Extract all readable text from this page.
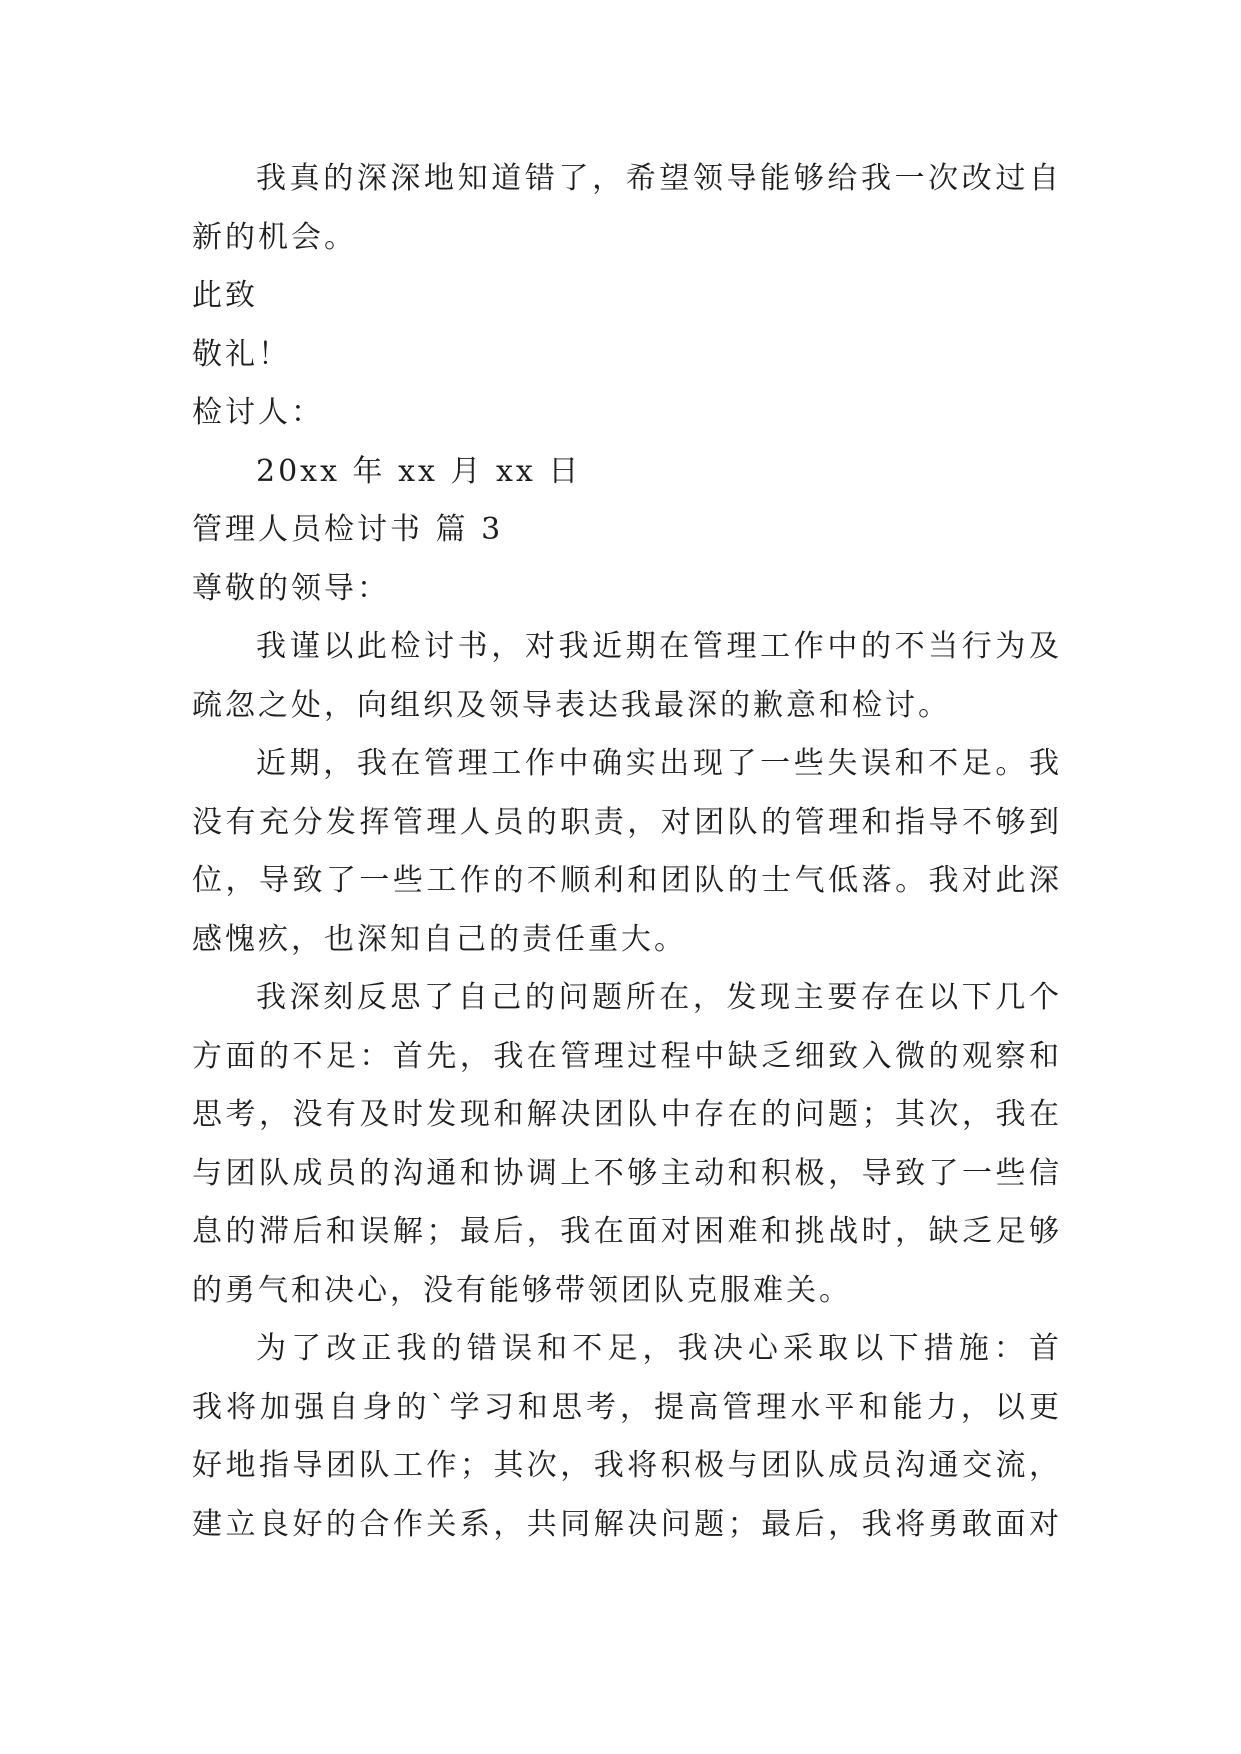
我真的深深地知道错了，希望领导能够给我一次改过自
新的机会。
此致
敬礼！
检讨人：
20xx 年 xx 月 xx 日
管理人员检讨书 篇 3
尊敬的领导：
我谨以此检讨书，对我近期在管理工作中的不当行为及
疏忽之处，向组织及领导表达我最深的歉意和检讨。
近期，我在管理工作中确实出现了一些失误和不足。我
没有充分发挥管理人员的职责，对团队的管理和指导不够到
位，导致了一些工作的不顺利和团队的士气低落。我对此深
感愧疚，也深知自己的责任重大。
我深刻反思了自己的问题所在，发现主要存在以下几个
方面的不足：首先，我在管理过程中缺乏细致入微的观察和
思考，没有及时发现和解决团队中存在的问题；其次，我在
与团队成员的沟通和协调上不够主动和积极，导致了一些信
息的滞后和误解；最后，我在面对困难和挑战时，缺乏足够
的勇气和决心，没有能够带领团队克服难关。
为了改正我的错误和不足，我决心采取以下措施：首
我将加强自身的`学习和思考，提高管理水平和能力，以更
好地指导团队工作；其次，我将积极与团队成员沟通交流，
建立良好的合作关系，共同解决问题；最后，我将勇敢面对
